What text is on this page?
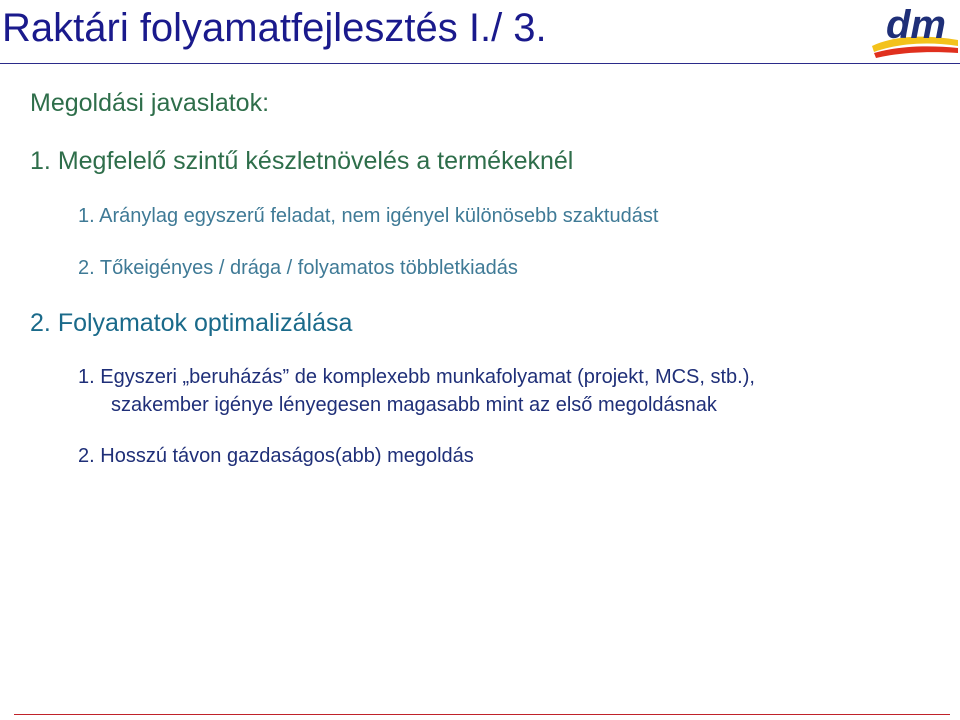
Raktári folyamatfejlesztés I./ 3.	dm

Megoldási javaslatok:

1. Megfelelő szintű készletnövelés a termékeknél

1. Aránylag egyszerű feladat, nem igényel különösebb szaktudást

2. Tőkeigényes / drága / folyamatos többletkiadás

2. Folyamatok optimalizálása

1. Egyszeri „beruházás” de komplexebb munkafolyamat (projekt, MCS, stb.),

szakember igénye lényegesen magasabb mint az első megoldásnak

2. Hosszú távon gazdaságos(abb) megoldás
